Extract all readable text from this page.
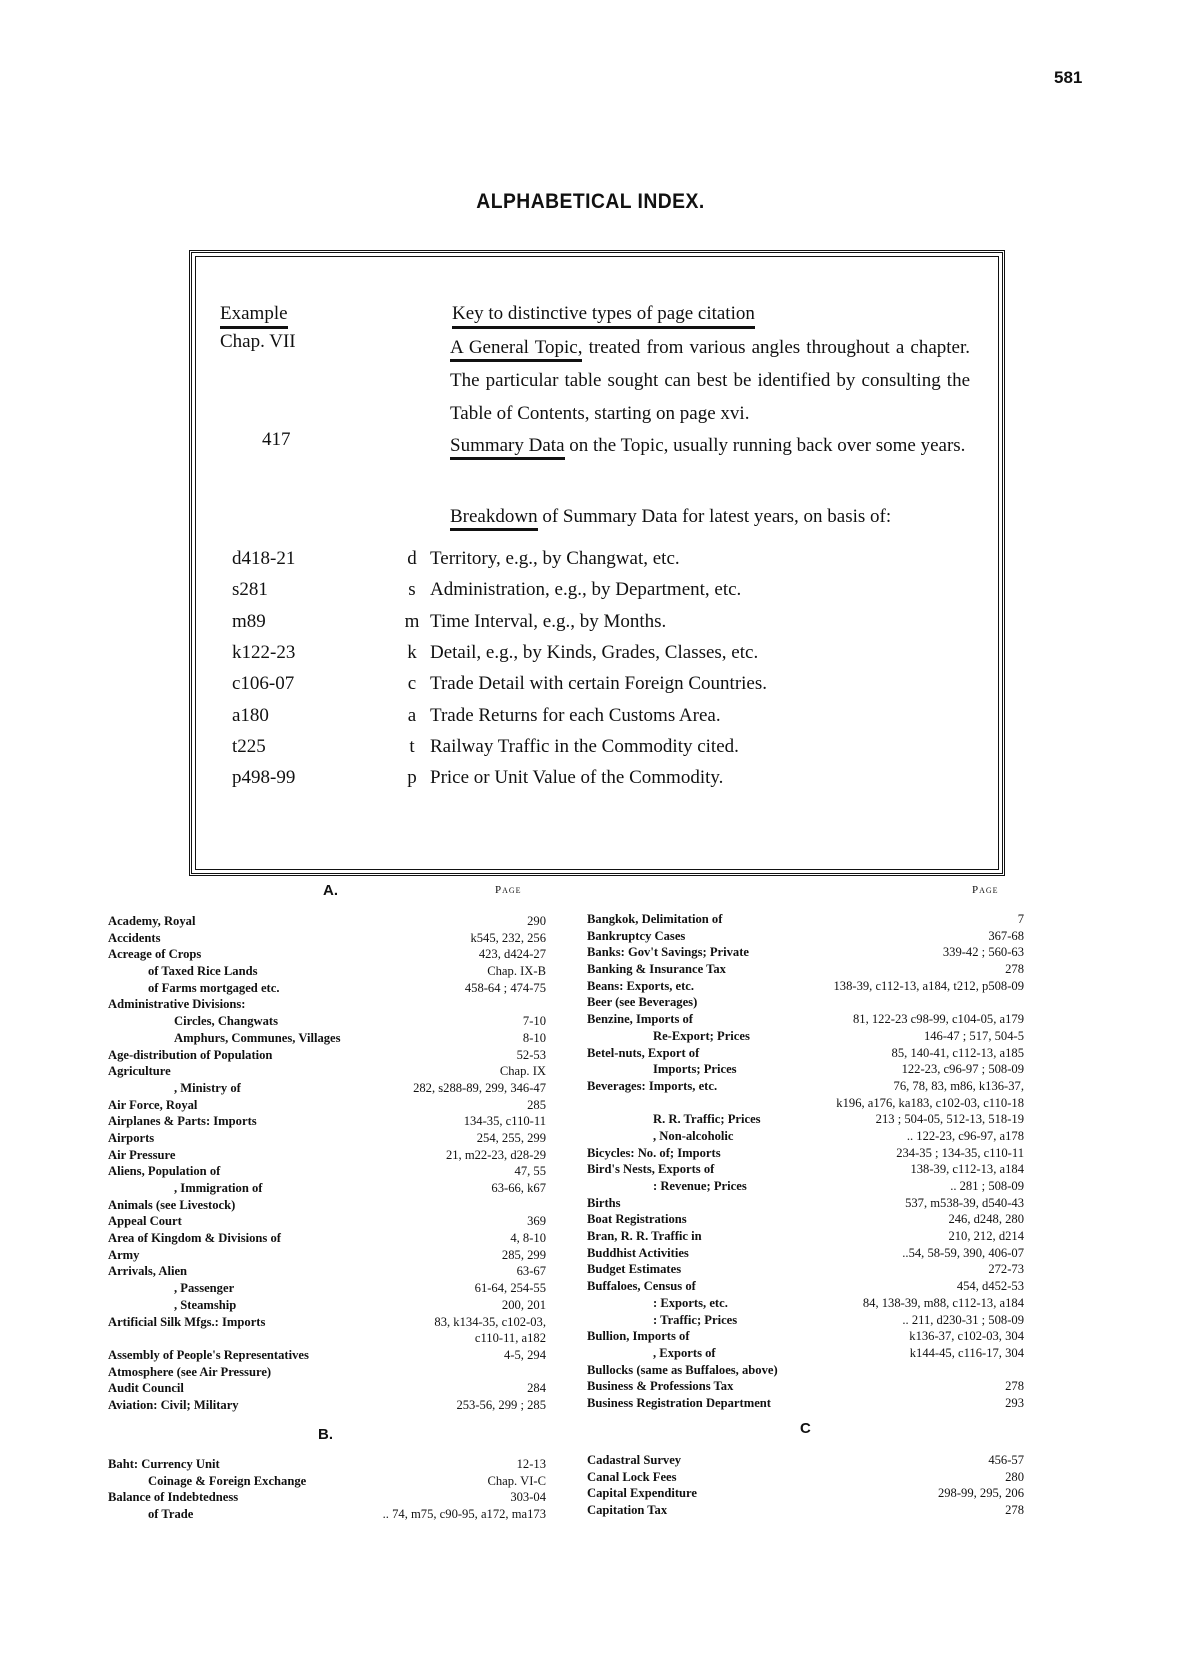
581
ALPHABETICAL INDEX.
Example	Key to distinctive types of page citation
Chap. VII	A General Topic, treated from various angles throughout a chapter. The particular table sought can best be identified by consulting the Table of Contents, starting on page xvi.
417	Summary Data on the Topic, usually running back over some years.
Breakdown of Summary Data for latest years, on basis of:
d418-21	d Territory, e.g., by Changwat, etc.
s281	s Administration, e.g., by Department, etc.
m89	m Time Interval, e.g., by Months.
k122-23	k Detail, e.g., by Kinds, Grades, Classes, etc.
c106-07	c Trade Detail with certain Foreign Countries.
a180	a Trade Returns for each Customs Area.
t225	t Railway Traffic in the Commodity cited.
p498-99	p Price or Unit Value of the Commodity.
A.	Page	Page
B.	C
Academy, Royal	290
Accidents	k545, 232, 256
Acreage of Crops	423, d424-27
of Taxed Rice Lands	Chap. IX-B
of Farms mortgaged etc.	458-64 ; 474-75
Administrative Divisions:
Circles, Changwats	7-10
Amphurs, Communes, Villages	8-10
Age-distribution of Population	52-53
Agriculture	Chap. IX
, Ministry of	282, s288-89, 299, 346-47
Air Force, Royal	285
Airplanes & Parts: Imports	134-35, c110-11
Airports	254, 255, 299
Air Pressure	21, m22-23, d28-29
Aliens, Population of	47, 55
, Immigration of	63-66, k67
Animals (see Livestock)
Appeal Court	369
Area of Kingdom & Divisions of	4, 8-10
Army	285, 299
Arrivals, Alien	63-67
, Passenger	61-64, 254-55
, Steamship	200, 201
Artificial Silk Mfgs.: Imports	83, k134-35, c102-03,
c110-11, a182
Assembly of People's Representatives	4-5, 294
Atmosphere (see Air Pressure)
Audit Council	284
Aviation: Civil; Military	253-56, 299 ; 285
Baht: Currency Unit	12-13
Coinage & Foreign Exchange	Chap. VI-C
Balance of Indebtedness	303-04
of Trade	.. 74, m75, c90-95, a172, ma173
Bangkok, Delimitation of	7
Bankruptcy Cases	367-68
Banks: Gov't Savings; Private	339-42 ; 560-63
Banking & Insurance Tax	278
Beans: Exports, etc.	138-39, c112-13, a184, t212, p508-09
Beer (see Beverages)
Benzine, Imports of	81, 122-23 c98-99, c104-05, a179
Re-Export; Prices	146-47 ; 517, 504-5
Betel-nuts, Export of	85, 140-41, c112-13, a185
Imports; Prices	122-23, c96-97 ; 508-09
Beverages: Imports, etc.	76, 78, 83, m86, k136-37,
k196, a176, ka183, c102-03, c110-18
R. R. Traffic; Prices	213 ; 504-05, 512-13, 518-19
, Non-alcoholic	.. 122-23, c96-97, a178
Bicycles: No. of; Imports	234-35 ; 134-35, c110-11
Bird's Nests, Exports of	138-39, c112-13, a184
: Revenue; Prices	.. 281 ; 508-09
Births	537, m538-39, d540-43
Boat Registrations	246, d248, 280
Bran, R. R. Traffic in	210, 212, d214
Buddhist Activities	..54, 58-59, 390, 406-07
Budget Estimates	272-73
Buffaloes, Census of	454, d452-53
: Exports, etc.	84, 138-39, m88, c112-13, a184
: Traffic; Prices	.. 211, d230-31 ; 508-09
Bullion, Imports of	k136-37, c102-03, 304
, Exports of	k144-45, c116-17, 304
Bullocks (same as Buffaloes, above)
Business & Professions Tax	278
Business Registration Department	293
Cadastral Survey	456-57
Canal Lock Fees	280
Capital Expenditure	298-99, 295, 206
Capitation Tax	278
